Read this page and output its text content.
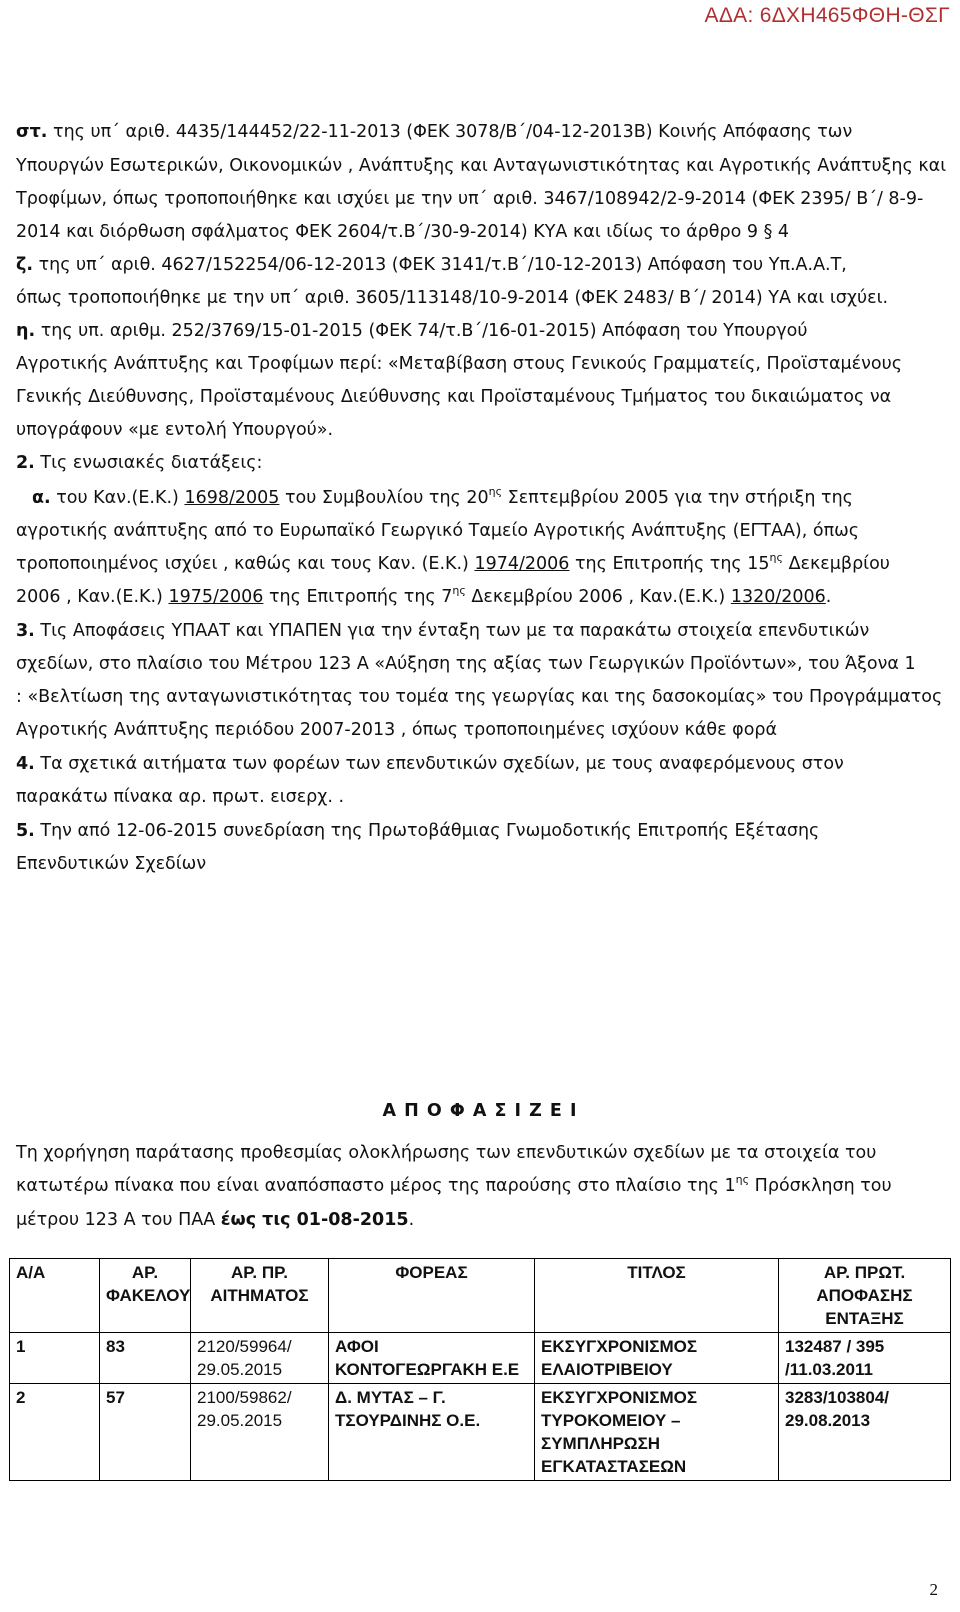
ΑΔΑ: 6ΔΧΗ465ΦΘΗ-ΘΣΓ
στ. της υπ΄ αριθ. 4435/144452/22-11-2013 (ΦΕΚ 3078/Β΄/04-12-2013Β) Κοινής Απόφασης των
Υπουργών Εσωτερικών, Οικονομικών , Ανάπτυξης και Ανταγωνιστικότητας και Αγροτικής Ανάπτυξης και
Τροφίμων, όπως τροποποιήθηκε και ισχύει με την υπ΄ αριθ. 3467/108942/2-9-2014 (ΦΕΚ 2395/ Β΄/ 8-9-
2014 και διόρθωση σφάλματος ΦΕΚ 2604/τ.Β΄/30-9-2014) ΚΥΑ και ιδίως το άρθρο 9 § 4
ζ. της υπ΄ αριθ. 4627/152254/06-12-2013 (ΦΕΚ 3141/τ.Β΄/10-12-2013) Απόφαση του Υπ.Α.Α.Τ,
όπως τροποποιήθηκε με την υπ΄ αριθ. 3605/113148/10-9-2014 (ΦΕΚ 2483/ Β΄/ 2014) ΥΑ και ισχύει.
η. της υπ. αριθμ. 252/3769/15-01-2015 (ΦΕΚ 74/τ.Β΄/16-01-2015) Απόφαση του Υπουργού
Αγροτικής Ανάπτυξης και Τροφίμων περί: «Μεταβίβαση στους Γενικούς Γραμματείς, Προϊσταμένους
Γενικής Διεύθυνσης, Προϊσταμένους Διεύθυνσης και Προϊσταμένους Τμήματος του δικαιώματος να
υπογράφουν «με εντολή Υπουργού».
2. Τις ενωσιακές διατάξεις:
α. του Καν.(Ε.Κ.) 1698/2005 του Συμβουλίου της $20^{\eta\varsigma}$ Σεπτεμβρίου 2005 για την στήριξη της
αγροτικής ανάπτυξης από το Ευρωπαϊκό Γεωργικό Ταμείο Αγροτικής Ανάπτυξης (ΕΓΤΑΑ), όπως
τροποποιημένος ισχύει , καθώς και τους Καν. (Ε.Κ.) 1974/2006 της Επιτροπής της $15^{\eta\varsigma}$ Δεκεμβρίου
2006 , Καν.(Ε.Κ.) 1975/2006 της Επιτροπής της $7^{\eta\varsigma}$ Δεκεμβρίου 2006 , Καν.(Ε.Κ.) 1320/2006.
3. Τις Αποφάσεις ΥΠΑΑΤ και ΥΠΑΠΕΝ για την ένταξη των με τα παρακάτω στοιχεία επενδυτικών
σχεδίων, στο πλαίσιο του Μέτρου 123 Α «Αύξηση της αξίας των Γεωργικών Προϊόντων», του Άξονα 1
: «Βελτίωση της ανταγωνιστικότητας του τομέα της γεωργίας και της δασοκομίας» του Προγράμματος
Αγροτικής Ανάπτυξης περιόδου 2007-2013 , όπως τροποποιημένες ισχύουν κάθε φορά
4. Τα σχετικά αιτήματα των φορέων των επενδυτικών σχεδίων, με τους αναφερόμενους στον
παρακάτω πίνακα αρ. πρωτ. εισερχ. .
5. Την από 12-06-2015 συνεδρίαση της Πρωτοβάθμιας Γνωμοδοτικής Επιτροπής Εξέτασης
Επενδυτικών Σχεδίων
Α Π Ο Φ Α Σ Ι Ζ Ε Ι
Τη χορήγηση παράτασης προθεσμίας ολοκλήρωσης των επενδυτικών σχεδίων με τα στοιχεία του
κατωτέρω πίνακα που είναι αναπόσπαστο μέρος της παρούσης στο πλαίσιο της $1^{\eta\varsigma}$ Πρόσκληση του
μέτρου 123 Α του ΠΑΑ έως τις 01-08-2015.
Α/Α	ΑΡ. ΦΑΚΕΛΟΥ	ΑΡ. ΠΡ. ΑΙΤΗΜΑΤΟΣ	ΦΟΡΕΑΣ	ΤΙΤΛΟΣ	ΑΡ. ΠΡΩΤ. ΑΠΟΦΑΣΗΣ ΕΝΤΑΞΗΣ
1	83	2120/59964/ 29.05.2015	ΑΦΟΙ ΚΟΝΤΟΓΕΩΡΓΑΚΗ Ε.Ε	ΕΚΣΥΓΧΡΟΝΙΣΜΟΣ ΕΛΑΙΟΤΡΙΒΕΙΟΥ	132487 / 395 /11.03.2011
2	57	2100/59862/ 29.05.2015	Δ. ΜΥΤΑΣ – Γ. ΤΣΟΥΡΔΙΝΗΣ Ο.Ε.	ΕΚΣΥΓΧΡΟΝΙΣΜΟΣ ΤΥΡΟΚΟΜΕΙΟΥ – ΣΥΜΠΛΗΡΩΣΗ ΕΓΚΑΤΑΣΤΑΣΕΩΝ	3283/103804/ 29.08.2013
2
